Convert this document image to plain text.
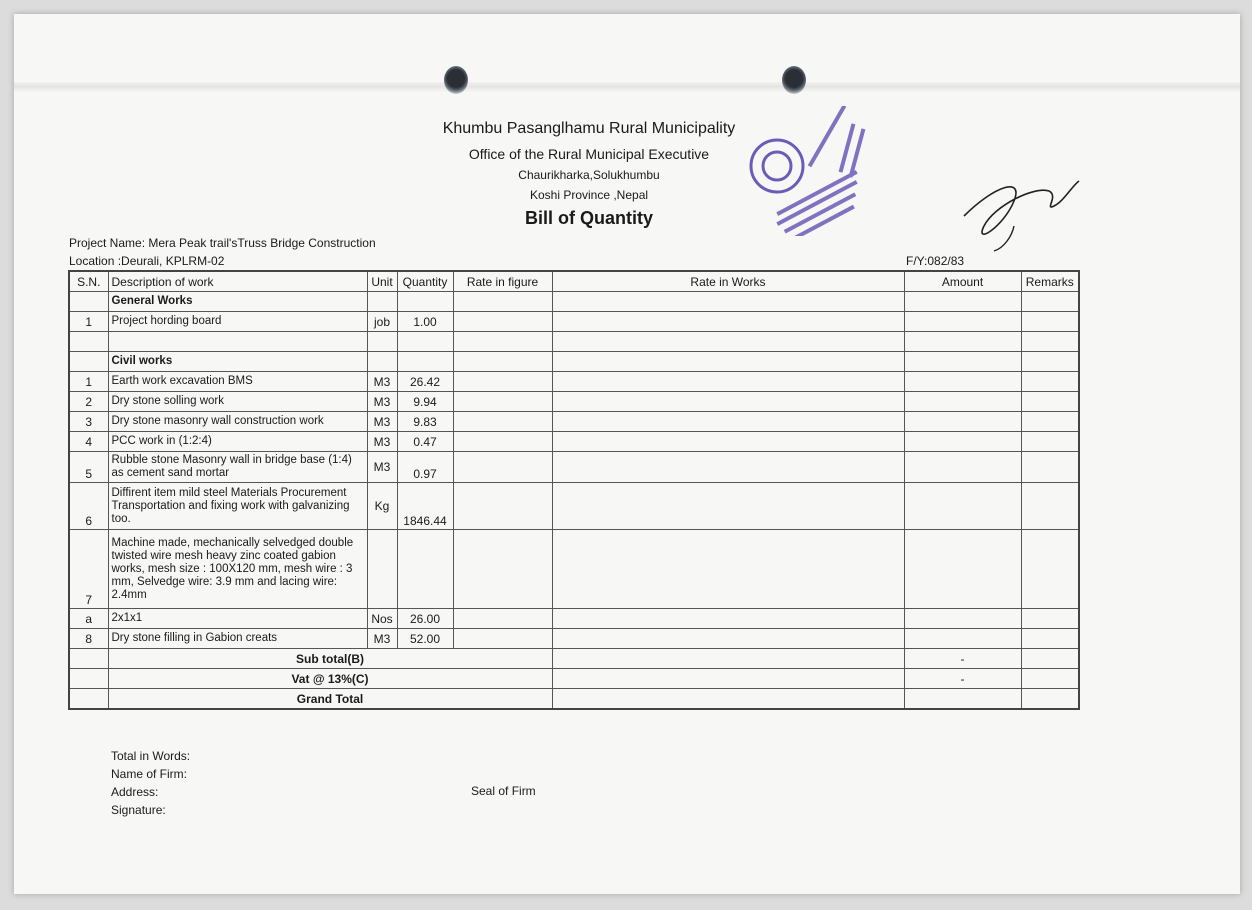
Khumbu Pasanglhamu Rural Municipality
Office of the Rural Municipal Executive
Chaurikharka,Solukhumbu
Koshi Province ,Nepal
Bill of Quantity
Project Name: Mera Peak trail'sTruss Bridge Construction
Location :Deurali, KPLRM-02	F/Y:082/83
S.N.	Description of work	Unit	Quantity	Rate in figure	Rate in Works	Amount	Remarks
	General Works						
1	Project hording board	job	1.00				

	Civil works						
1	Earth work excavation BMS	M3	26.42				
2	Dry stone solling work	M3	9.94				
3	Dry stone masonry wall construction work	M3	9.83				
4	PCC work in (1:2:4)	M3	0.47				
5	Rubble stone Masonry wall in bridge base (1:4) as cement sand mortar	M3	0.97				
6	Diffirent item mild steel Materials Procurement Transportation and fixing work with galvanizing too.	Kg	1846.44				
7	Machine made, mechanically selvedged double twisted wire mesh heavy zinc coated gabion works, mesh size : 100X120 mm, mesh wire : 3 mm, Selvedge wire: 3.9 mm and lacing wire: 2.4mm						
a	2x1x1	Nos	26.00				
8	Dry stone filling in Gabion creats	M3	52.00				
	Sub total(B)					-	
	Vat @ 13%(C)					-	
	Grand Total						
Total in Words:
Name of Firm:
Address:
Signature:
Seal of Firm
